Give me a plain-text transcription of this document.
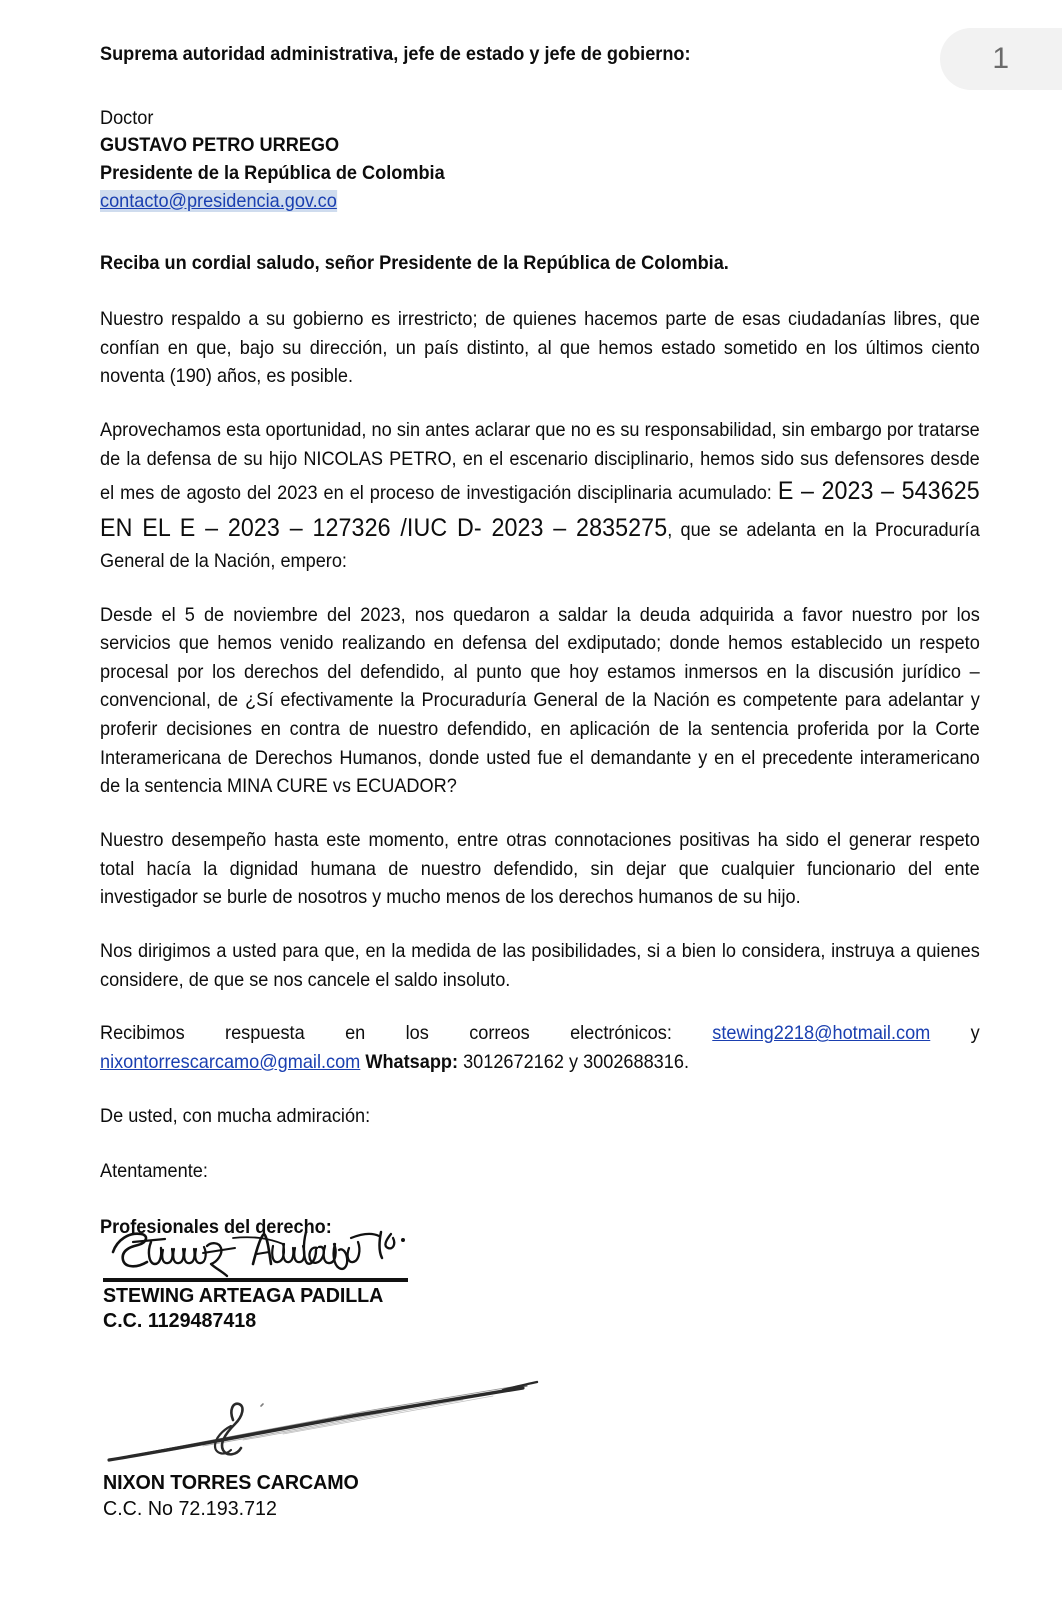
1

Suprema autoridad administrativa, jefe de estado y jefe de gobierno:

Doctor
GUSTAVO PETRO URREGO
Presidente de la República de Colombia
contacto@presidencia.gov.co

Reciba un cordial saludo, señor Presidente de la República de Colombia.

Nuestro respaldo a su gobierno es irrestricto; de quienes hacemos parte de esas ciudadanías libres, que confían en que, bajo su dirección, un país distinto, al que hemos estado sometido en los últimos ciento noventa (190) años, es posible.

Aprovechamos esta oportunidad, no sin antes aclarar que no es su responsabilidad, sin embargo por tratarse de la defensa de su hijo NICOLAS PETRO, en el escenario disciplinario, hemos sido sus defensores desde el mes de agosto del 2023 en el proceso de investigación disciplinaria acumulado: E – 2023 – 543625 EN EL E – 2023 – 127326 /IUC D- 2023 – 2835275, que se adelanta en la Procuraduría General de la Nación, empero:

Desde el 5 de noviembre del 2023, nos quedaron a saldar la deuda adquirida a favor nuestro por los servicios que hemos venido realizando en defensa del exdiputado; donde hemos establecido un respeto procesal por los derechos del defendido, al punto que hoy estamos inmersos en la discusión jurídico – convencional, de ¿Sí efectivamente la Procuraduría General de la Nación es competente para adelantar y proferir decisiones en contra de nuestro defendido, en aplicación de la sentencia proferida por la Corte Interamericana de Derechos Humanos, donde usted fue el demandante y en el precedente interamericano de la sentencia MINA CURE vs ECUADOR?

Nuestro desempeño hasta este momento, entre otras connotaciones positivas ha sido el generar respeto total hacía la dignidad humana de nuestro defendido, sin dejar que cualquier funcionario del ente investigador se burle de nosotros y mucho menos de los derechos humanos de su hijo.

Nos dirigimos a usted para que, en la medida de las posibilidades, si a bien lo considera, instruya a quienes considere, de que se nos cancele el saldo insoluto.

Recibimos respuesta en los correos electrónicos: stewing2218@hotmail.com y
nixontorrescarcamo@gmail.com Whatsapp: 3012672162 y 3002688316.

De usted, con mucha admiración:

Atentamente:

Profesionales del derecho:

STEWING ARTEAGA PADILLA
C.C. 1129487418
NIXON TORRES CARCAMO
C.C. No 72.193.712
